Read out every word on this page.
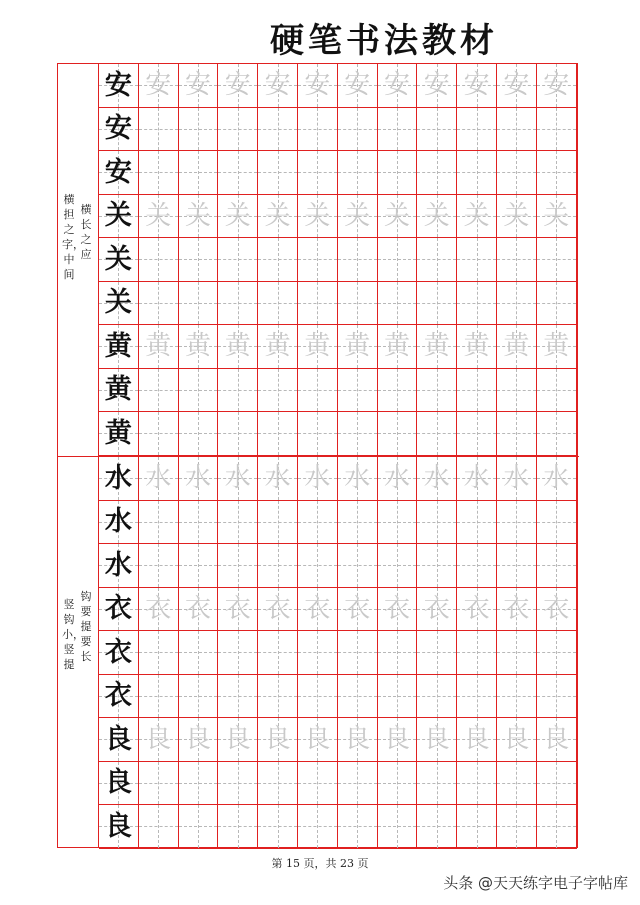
硬笔书法教材
横担之字，中间
横长之应
安 安 安 安 安 安 安 安 安 安 安 安
安
安
关 关 关 关 关 关 关 关 关 关 关 关
关
关
黄 黄 黄 黄 黄 黄 黄 黄 黄 黄 黄 黄
黄
黄
竖钩小，竖提
钩要提要长
水 水 水 水 水 水 水 水 水 水 水 水
水
水
衣 衣 衣 衣 衣 衣 衣 衣 衣 衣 衣 衣
衣
衣
良 良 良 良 良 良 良 良 良 良 良 良
良
良
第 15 页，共 23 页
头条 @天天练字电子字帖库
